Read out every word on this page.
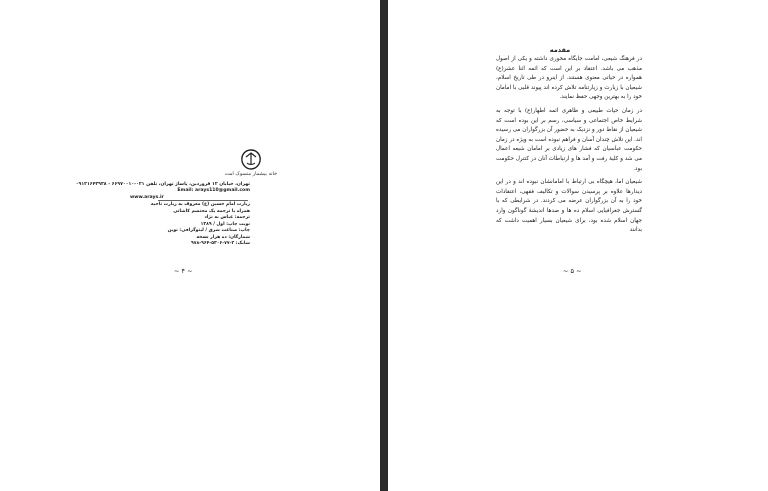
خانه بیشمار منسوک امت
تهران، خیابان ۱۲ فروردین، پاساژ تهران، تلفن ۰۲۱-۶۶۹۷۰۰۱۰ - ۰۹۱۲۱۶۴۳۹۳۸
Email: arays110@gmail.com
www.arays.ir
زیارت امام حسین (ع) معروف به زیارت ناحیه
همراه با ترجمه یک محتشم کاشانی
ترجمه: عباس به نژاد
نوبت چاپ: اول / ۱۳۸۹
چاپ: صناعت شرق / لیتوگرافی: نوین
شمارگان: ده هزار نسخه
شابک: ۲-۷۷-۵۳۰۶-۹۶۴-۹۷۸
~ ۴ ~
مقدمه

در فرهنگ شیعی، امامت جایگاه محوری داشته و یکی از اصول مذهب می باشد. اعتقاد بر این است که ائمه اثنا عشر(ع) همواره در حیاتی معنوی هستند. از اینرو در طی تاریخ اسلام، شیعیان با زیارت و زیارتنامه تلاش کرده اند پیوند قلبی با امامان خود را به بهترین وجهی حفظ نمایند.

در زمان حیات طبیعی و ظاهری ائمه اطهار(ع) با توجه به شرایط خاص اجتماعی و سیاسی، رسم بر این بوده است که شیعیان از نقاط دور و نزدیک به حضور آن بزرگواران می رسیده اند. این تلاش چندان آسان و فراهم نبوده است به ویژه در زمان حکومت عباسیان که فشار های زیادی بر امامان شیعه اعمال می شد و کلیهٔ رفت و آمد ها و ارتباطات آنان در کنترل حکومت بود.

شیعیان اما، هیچگاه بی ارتباط با امامانشان نبوده اند و در این دیدارها علاوه بر پرسیدن سوالات و تکالیف فقهی، اعتقادات خود را به آن بزرگواران عرضه می کردند. در شرایطی که با گسترش جغرافیایی اسلام ده ها و صدها اندیشهٔ گوناگون وارد جهان اسلام شده بود، برای شیعیان بسیار اهمیت داشت که بدانند

~ ۵ ~
